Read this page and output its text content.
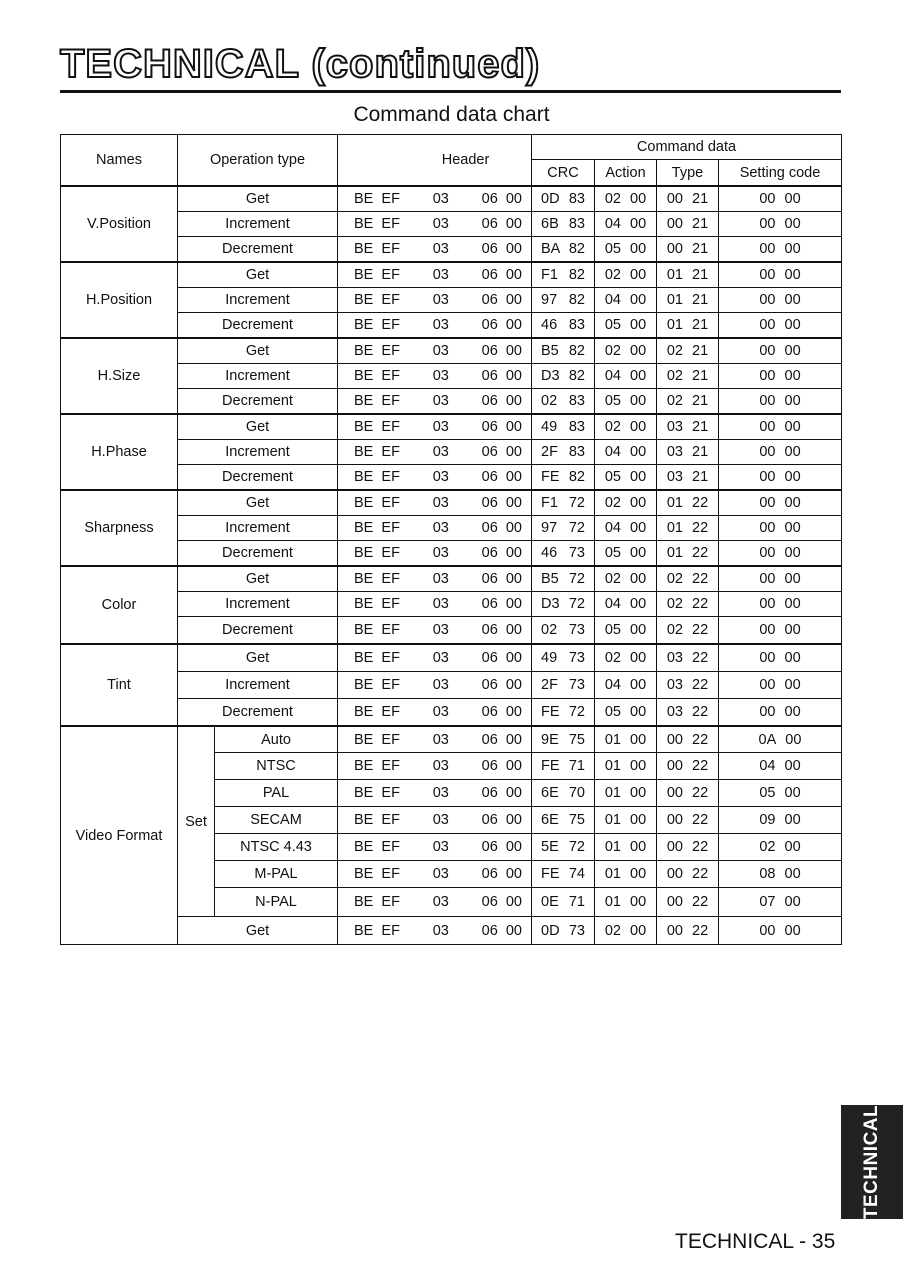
TECHNICAL (continued)
Command data chart
Names	Operation type		Header	Command data			
				CRC	Action	Type	Setting code
V.Position	Get		BE  EF 03 06  00	0D 83	02 00	00 21	00 00

	Increment		BE  EF 03 06  00	6B 83	04 00	00 21	00 00

	Decrement		BE  EF 03 06  00	BA 82	05 00	00 21	00 00

H.Position	Get		BE  EF 03 06  00	F1 82	02 00	01 21	00 00

	Increment		BE  EF 03 06  00	97 82	04 00	01 21	00 00

	Decrement		BE  EF 03 06  00	46 83	05 00	01 21	00 00

H.Size	Get		BE  EF 03 06  00	B5 82	02 00	02 21	00 00

	Increment		BE  EF 03 06  00	D3 82	04 00	02 21	00 00

	Decrement		BE  EF 03 06  00	02 83	05 00	02 21	00 00

H.Phase	Get		BE  EF 03 06  00	49 83	02 00	03 21	00 00

	Increment		BE  EF 03 06  00	2F 83	04 00	03 21	00 00

	Decrement		BE  EF 03 06  00	FE 82	05 00	03 21	00 00

Sharpness	Get		BE  EF 03 06  00	F1 72	02 00	01 22	00 00

	Increment		BE  EF 03 06  00	97 72	04 00	01 22	00 00

	Decrement		BE  EF 03 06  00	46 73	05 00	01 22	00 00

Color	Get		BE  EF 03 06  00	B5 72	02 00	02 22	00 00

	Increment		BE  EF 03 06  00	D3 72	04 00	02 22	00 00

	Decrement		BE  EF 03 06  00	02 73	05 00	02 22	00 00

Tint	Get		BE  EF 03 06  00	49 73	02 00	03 22	00 00

	Increment		BE  EF 03 06  00	2F 73	04 00	03 22	00 00

	Decrement		BE  EF 03 06  00	FE 72	05 00	03 22	00 00

Video Format	Set	Auto	BE  EF 03 06  00	9E 75	01 00	00 22	0A 00

		NTSC	BE  EF 03 06  00	FE 71	01 00	00 22	04 00

		PAL	BE  EF 03 06  00	6E 70	01 00	00 22	05 00

		SECAM	BE  EF 03 06  00	6E 75	01 00	00 22	09 00

		NTSC 4.43	BE  EF 03 06  00	5E 72	01 00	00 22	02 00

		M-PAL	BE  EF 03 06  00	FE 74	01 00	00 22	08 00

		N-PAL	BE  EF 03 06  00	0E 71	01 00	00 22	07 00

	Get		BE  EF 03 06  00	0D 73	02 00	00 22	00 00
TECHNICAL
TECHNICAL - 35
